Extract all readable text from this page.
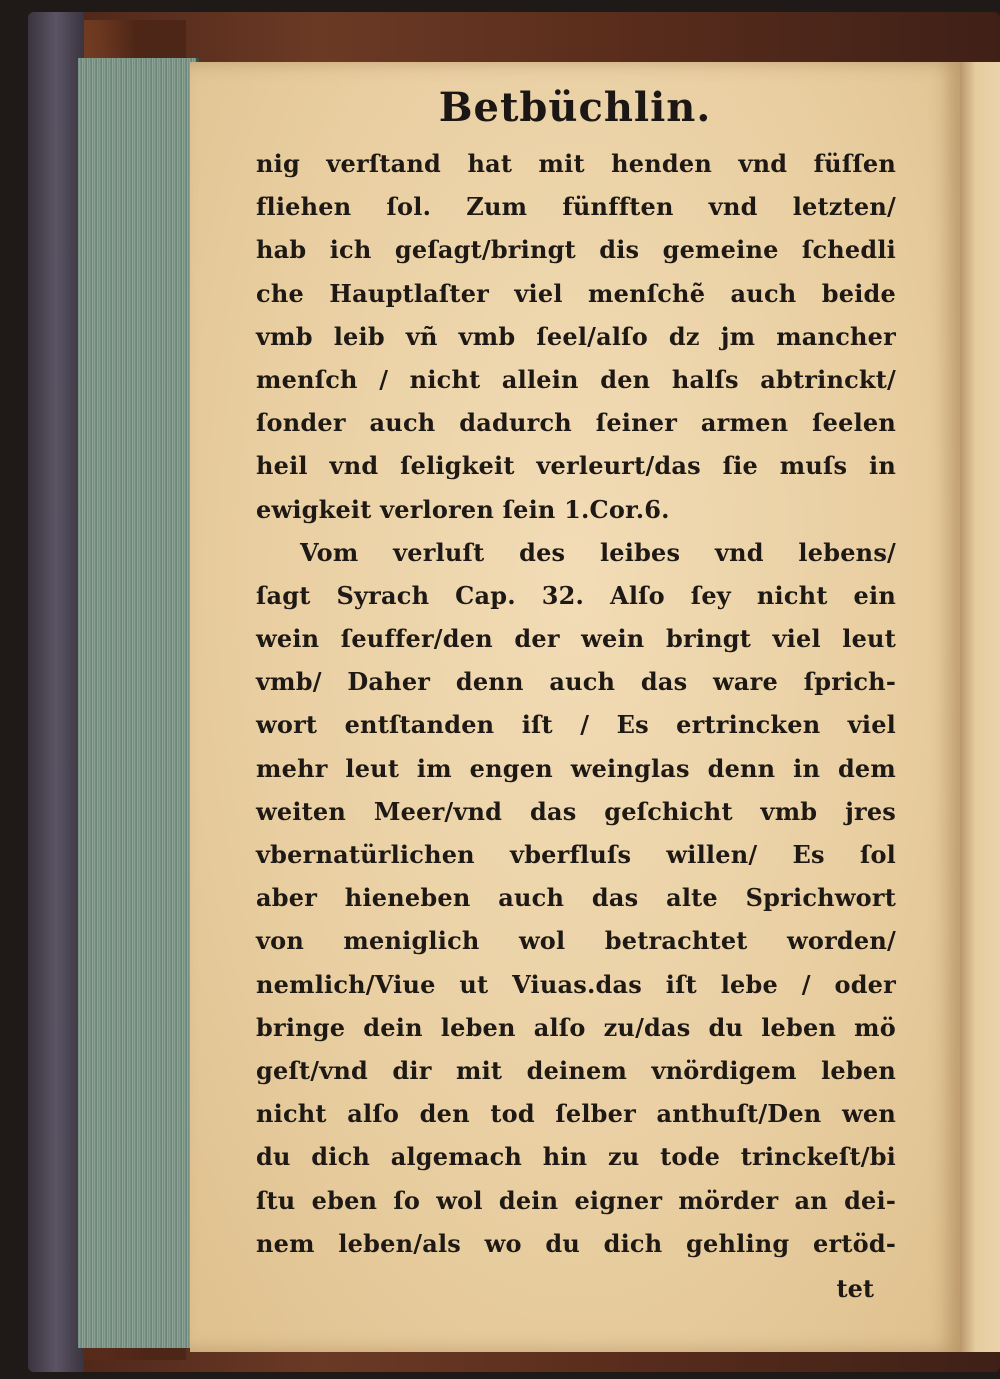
Betbüchlin.
nig verſtand hat mit henden vnd füſſen
fliehen ſol. Zum fünfften vnd letzten/
hab ich geſagt/bringt dis gemeine ſchedli
che Hauptlaſter viel menſchẽ auch beide
vmb leib vñ vmb ſeel/alſo dz jm mancher
menſch / nicht allein den halſs abtrinckt/
ſonder auch dadurch ſeiner armen ſeelen
heil vnd ſeligkeit verleurt/das ſie muſs in
ewigkeit verloren ſein 1.Cor.6.
Vom verluſt des leibes vnd lebens/
ſagt Syrach Cap. 32. Alſo ſey nicht ein
wein ſeuffer/den der wein bringt viel leut
vmb/ Daher denn auch das ware ſprich-
wort entſtanden iſt / Es ertrincken viel
mehr leut im engen weinglas denn in dem
weiten Meer/vnd das geſchicht vmb jres
vbernatürlichen vberfluſs willen/ Es ſol
aber hieneben auch das alte Sprichwort
von meniglich wol betrachtet worden/
nemlich/Viue ut Viuas.das iſt lebe / oder
bringe dein leben alſo zu/das du leben mö
geſt/vnd dir mit deinem vnördigem leben
nicht alſo den tod ſelber anthuſt/Den wen
du dich algemach hin zu tode trinckeſt/bi
ſtu eben ſo wol dein eigner mörder an dei-
nem leben/als wo du dich gehling ertöd-
tet
